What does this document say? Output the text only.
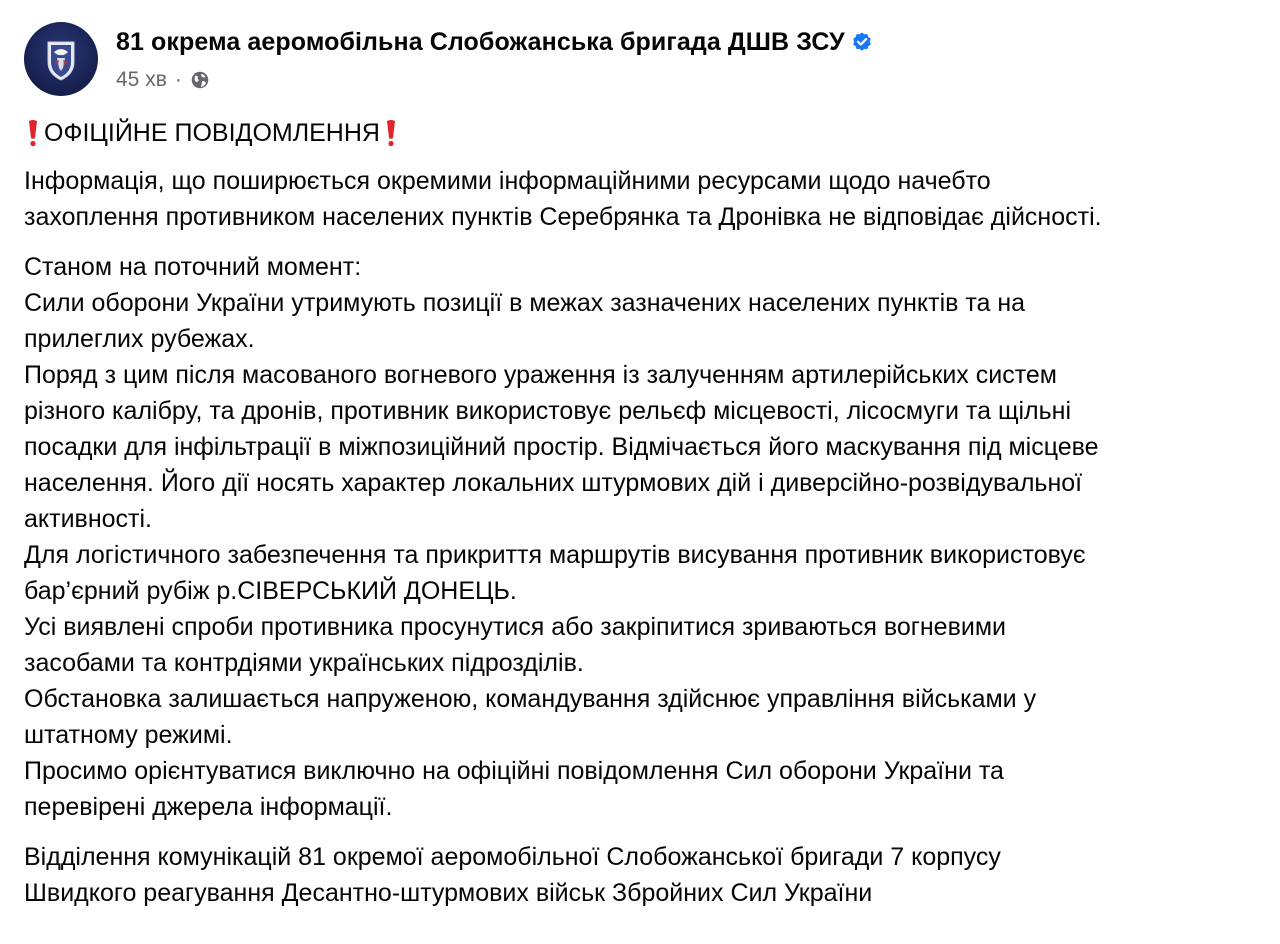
81 окрема аеромобільна Слобожанська бригада ДШВ ЗСУ
45 хв ·

ОФІЦІЙНЕ ПОВІДОМЛЕННЯ

Інформація, що поширюється окремими інформаційними ресурсами щодо начебто

захоплення противником населених пунктів Серебрянка та Дронівка не відповідає дійсності.

Станом на поточний момент:

Сили оборони України утримують позиції в межах зазначених населених пунктів та на

прилеглих рубежах.

Поряд з цим після масованого вогневого ураження із залученням артилерійських систем

різного калібру, та дронів, противник використовує рельєф місцевості, лісосмуги та щільні

посадки для інфільтрації в міжпозиційний простір. Відмічається його маскування під місцеве

населення. Його дії носять характер локальних штурмових дій і диверсійно-розвідувальної

активності.

Для логістичного забезпечення та прикриття маршрутів висування противник використовує

бар’єрний рубіж р.СІВЕРСЬКИЙ ДОНЕЦЬ.

Усі виявлені спроби противника просунутися або закріпитися зриваються вогневими

засобами та контрдіями українських підрозділів.

Обстановка залишається напруженою, командування здійснює управління військами у

штатному режимі.

Просимо орієнтуватися виключно на офіційні повідомлення Сил оборони України та

перевірені джерела інформації.

Відділення комунікацій 81 окремої аеромобільної Слобожанської бригади 7 корпусу

Швидкого реагування Десантно-штурмових військ Збройних Сил України
